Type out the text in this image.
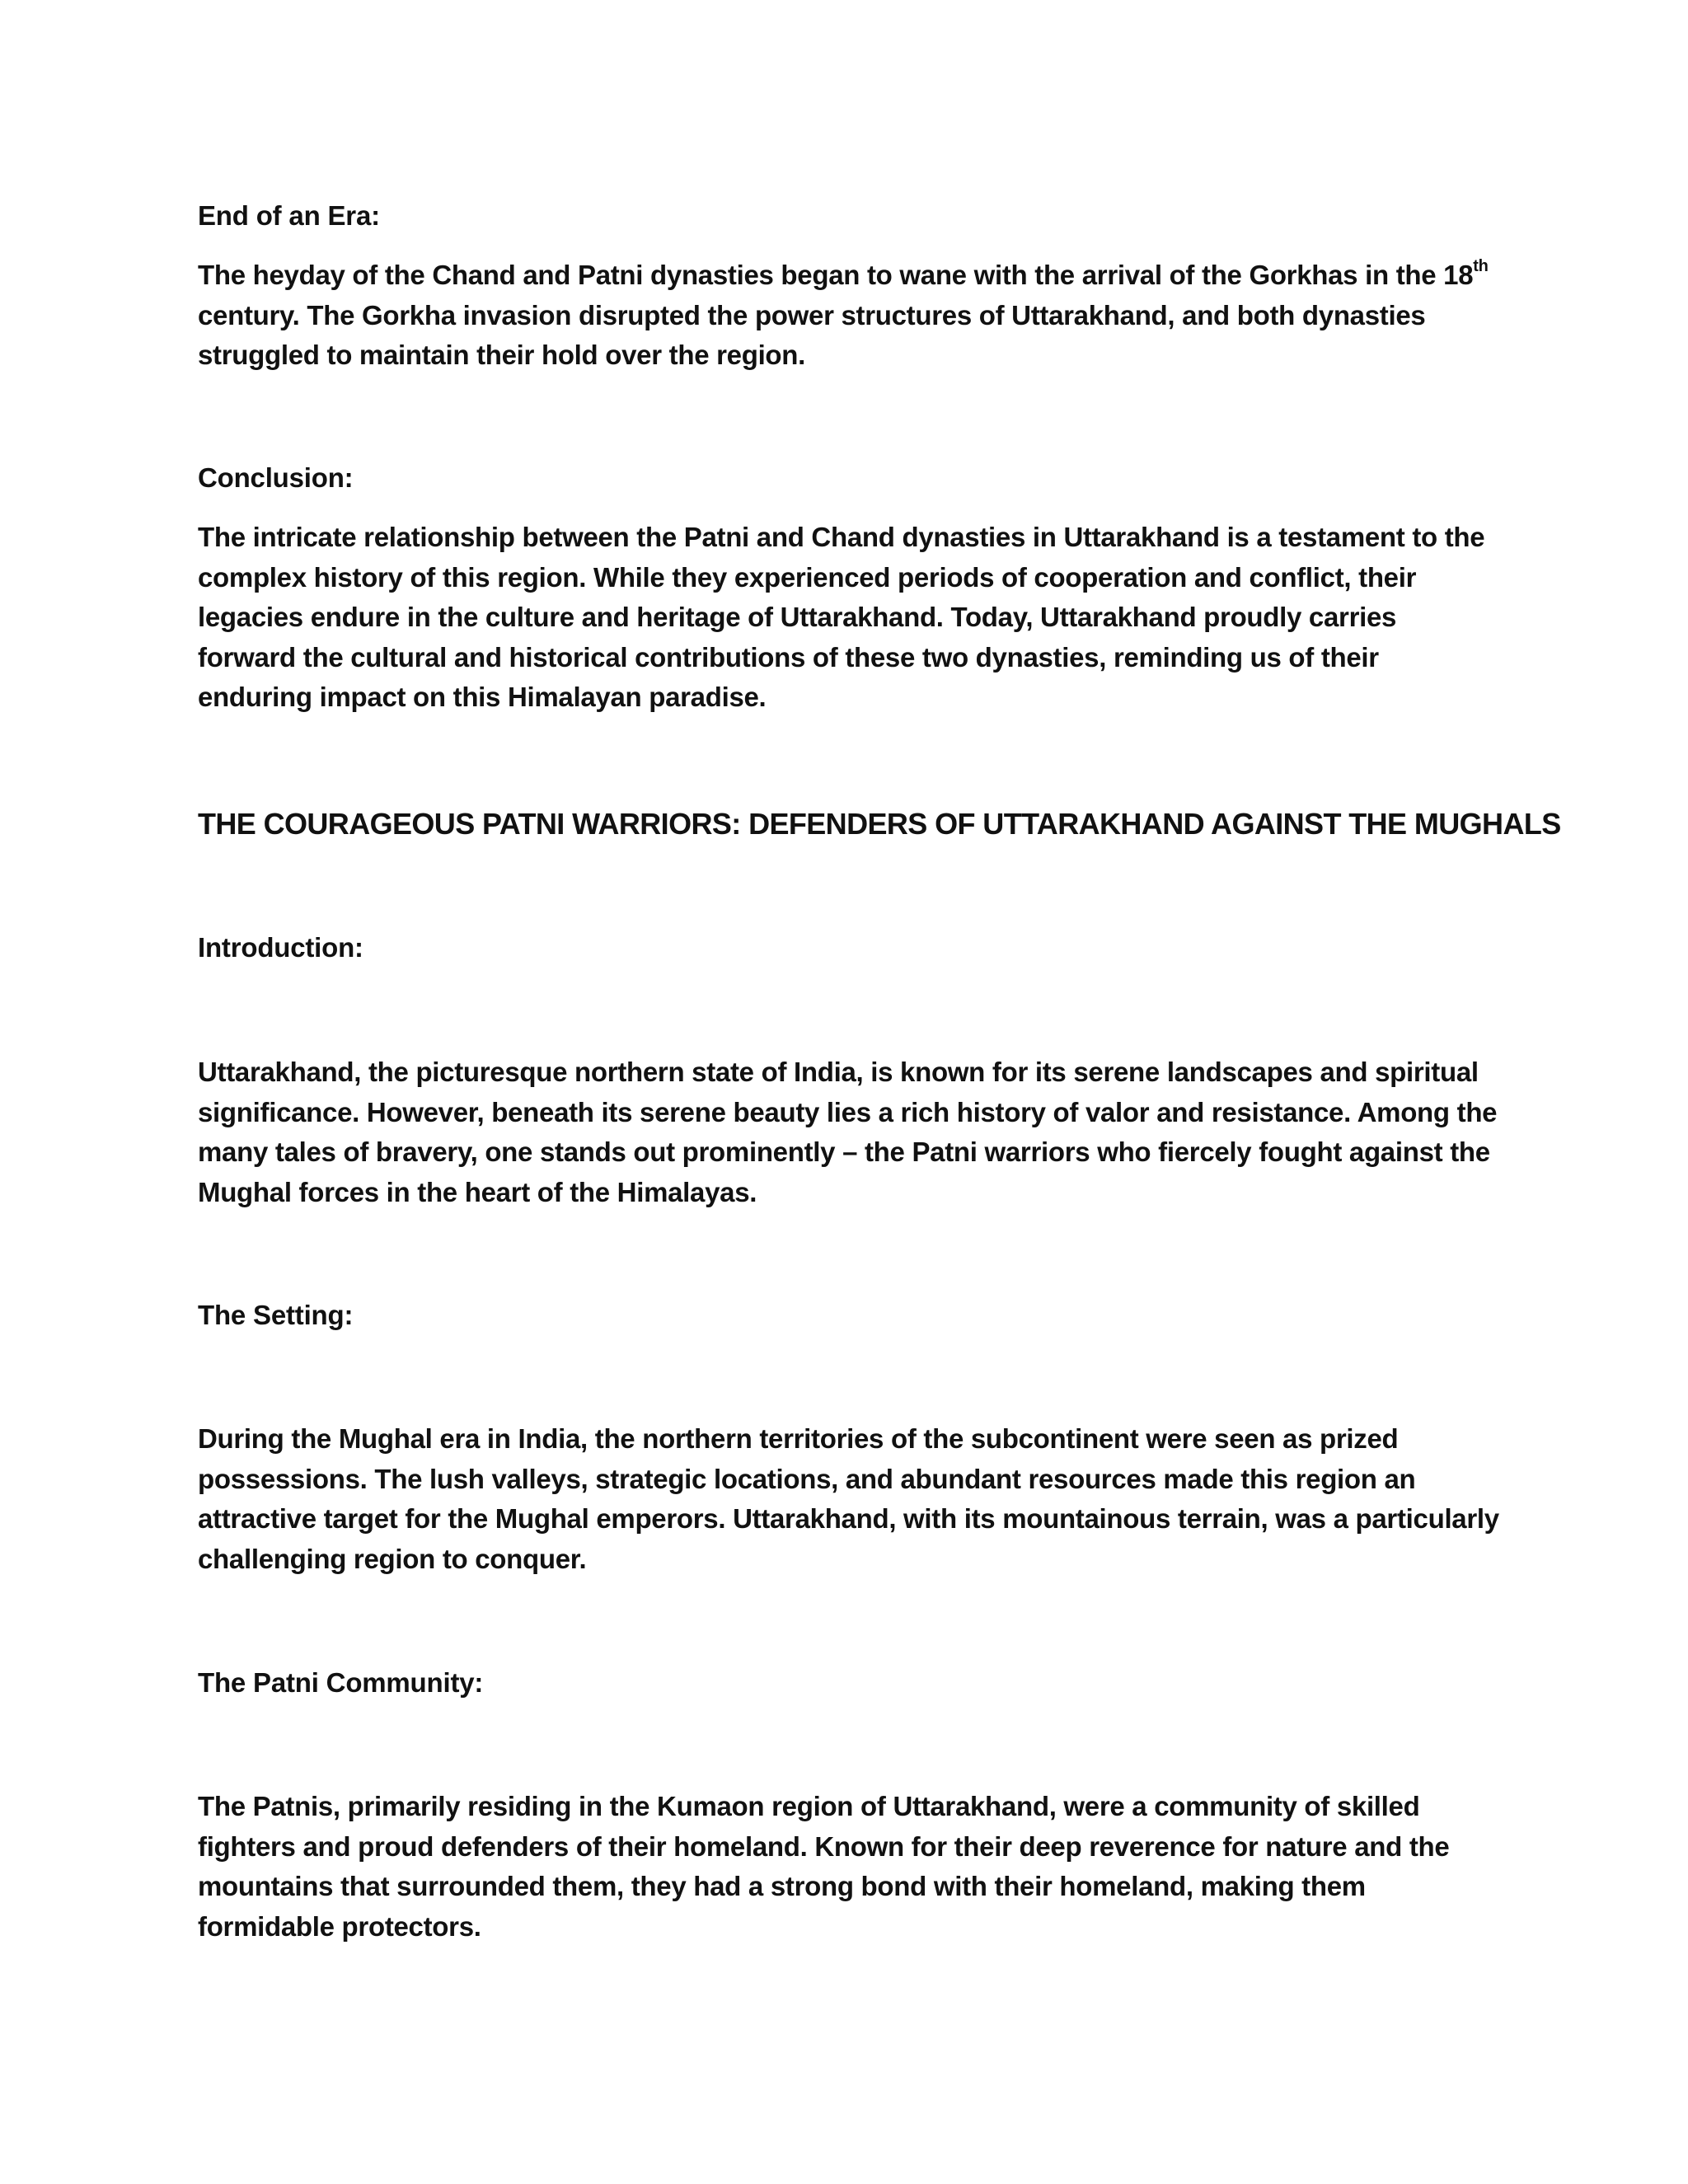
End of an Era:

The heyday of the Chand and Patni dynasties began to wane with the arrival of the Gorkhas in the 18th century. The Gorkha invasion disrupted the power structures of Uttarakhand, and both dynasties struggled to maintain their hold over the region.

Conclusion:

The intricate relationship between the Patni and Chand dynasties in Uttarakhand is a testament to the complex history of this region. While they experienced periods of cooperation and conflict, their legacies endure in the culture and heritage of Uttarakhand. Today, Uttarakhand proudly carries forward the cultural and historical contributions of these two dynasties, reminding us of their enduring impact on this Himalayan paradise.

THE COURAGEOUS PATNI WARRIORS: DEFENDERS OF UTTARAKHAND AGAINST THE MUGHALS

Introduction:

Uttarakhand, the picturesque northern state of India, is known for its serene landscapes and spiritual significance. However, beneath its serene beauty lies a rich history of valor and resistance. Among the many tales of bravery, one stands out prominently – the Patni warriors who fiercely fought against the Mughal forces in the heart of the Himalayas.

The Setting:

During the Mughal era in India, the northern territories of the subcontinent were seen as prized possessions. The lush valleys, strategic locations, and abundant resources made this region an attractive target for the Mughal emperors. Uttarakhand, with its mountainous terrain, was a particularly challenging region to conquer.

The Patni Community:

The Patnis, primarily residing in the Kumaon region of Uttarakhand, were a community of skilled fighters and proud defenders of their homeland. Known for their deep reverence for nature and the mountains that surrounded them, they had a strong bond with their homeland, making them formidable protectors.
